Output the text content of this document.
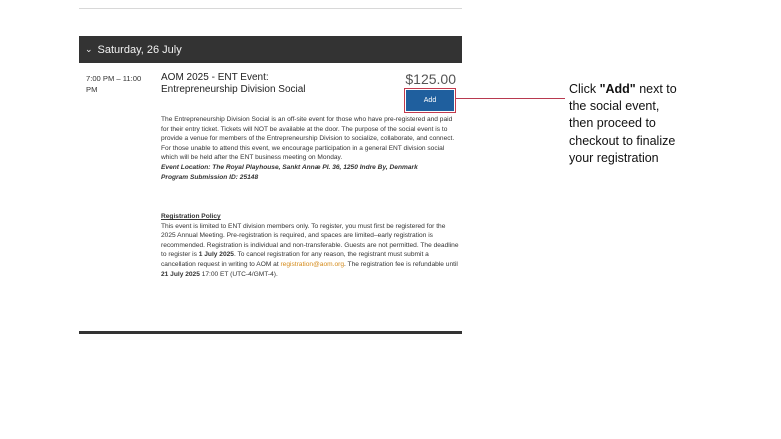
⌄ Saturday, 26 July
7:00 PM – 11:00 PM
AOM 2025 - ENT Event:
Entrepreneurship Division Social
$125.00
Add

The Entrepreneurship Division Social is an off-site event for those who have pre-registered and paid for their entry ticket. Tickets will NOT be available at the door. The purpose of the social event is to provide a venue for members of the Entrepreneurship Division to socialize, collaborate, and connect. For those unable to attend this event, we encourage participation in a general ENT division social which will be held after the ENT business meeting on Monday.

Event Location: The Royal Playhouse, Sankt Annæ Pl. 36, 1250 Indre By, Denmark

Program Submission ID: 25148

Registration Policy
This event is limited to ENT division members only. To register, you must first be registered for the 2025 Annual Meeting. Pre-registration is required, and spaces are limited–early registration is recommended. Registration is individual and non-transferable. Guests are not permitted. The deadline to register is 1 July 2025. To cancel registration for any reason, the registrant must submit a cancellation request in writing to AOM at registration@aom.org. The registration fee is refundable until 21 July 2025 17:00 ET (UTC-4/GMT-4).
Click "Add" next to the social event, then proceed to checkout to finalize your registration
